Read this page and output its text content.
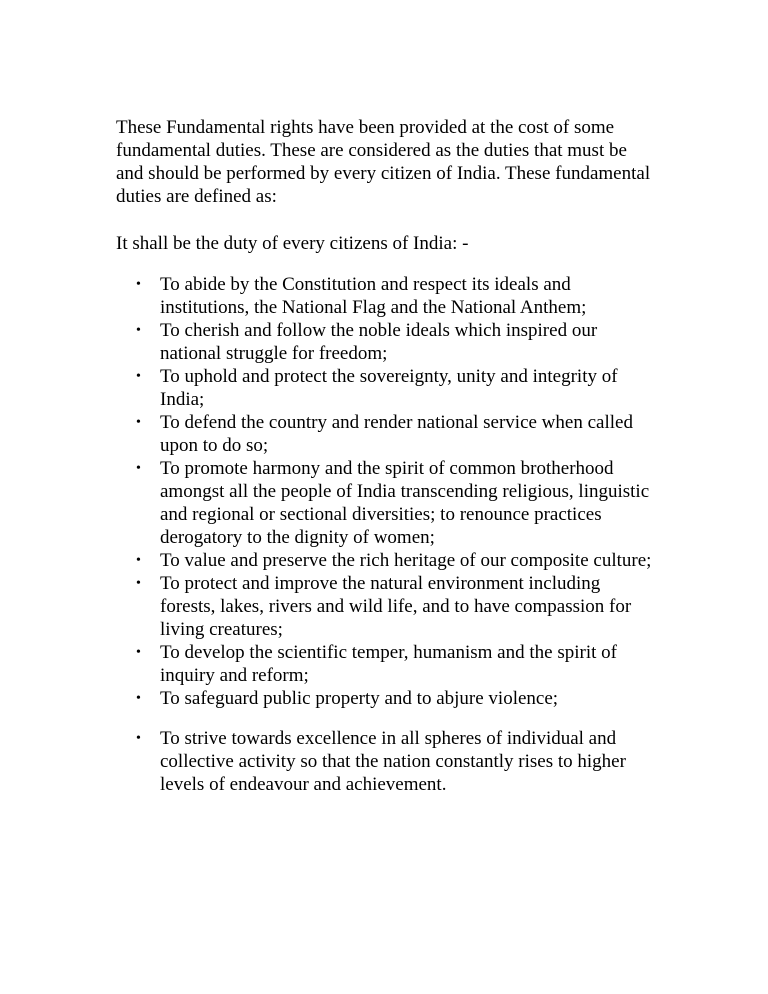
These Fundamental rights have been provided at the cost of some fundamental duties. These are considered as the duties that must be and should be performed by every citizen of India. These fundamental duties are defined as:

It shall be the duty of every citizens of India: -

•	To abide by the Constitution and respect its ideals and institutions, the National Flag and the National Anthem;
•	To cherish and follow the noble ideals which inspired our national struggle for freedom;
•	To uphold and protect the sovereignty, unity and integrity of India;
•	To defend the country and render national service when called upon to do so;
•	To promote harmony and the spirit of common brotherhood amongst all the people of India transcending religious, linguistic and regional or sectional diversities; to renounce practices derogatory to the dignity of women;
•	To value and preserve the rich heritage of our composite culture;
•	To protect and improve the natural environment including forests, lakes, rivers and wild life, and to have compassion for living creatures;
•	To develop the scientific temper, humanism and the spirit of inquiry and reform;
•	To safeguard public property and to abjure violence;
•	To strive towards excellence in all spheres of individual and collective activity so that the nation constantly rises to higher levels of endeavour and achievement.
